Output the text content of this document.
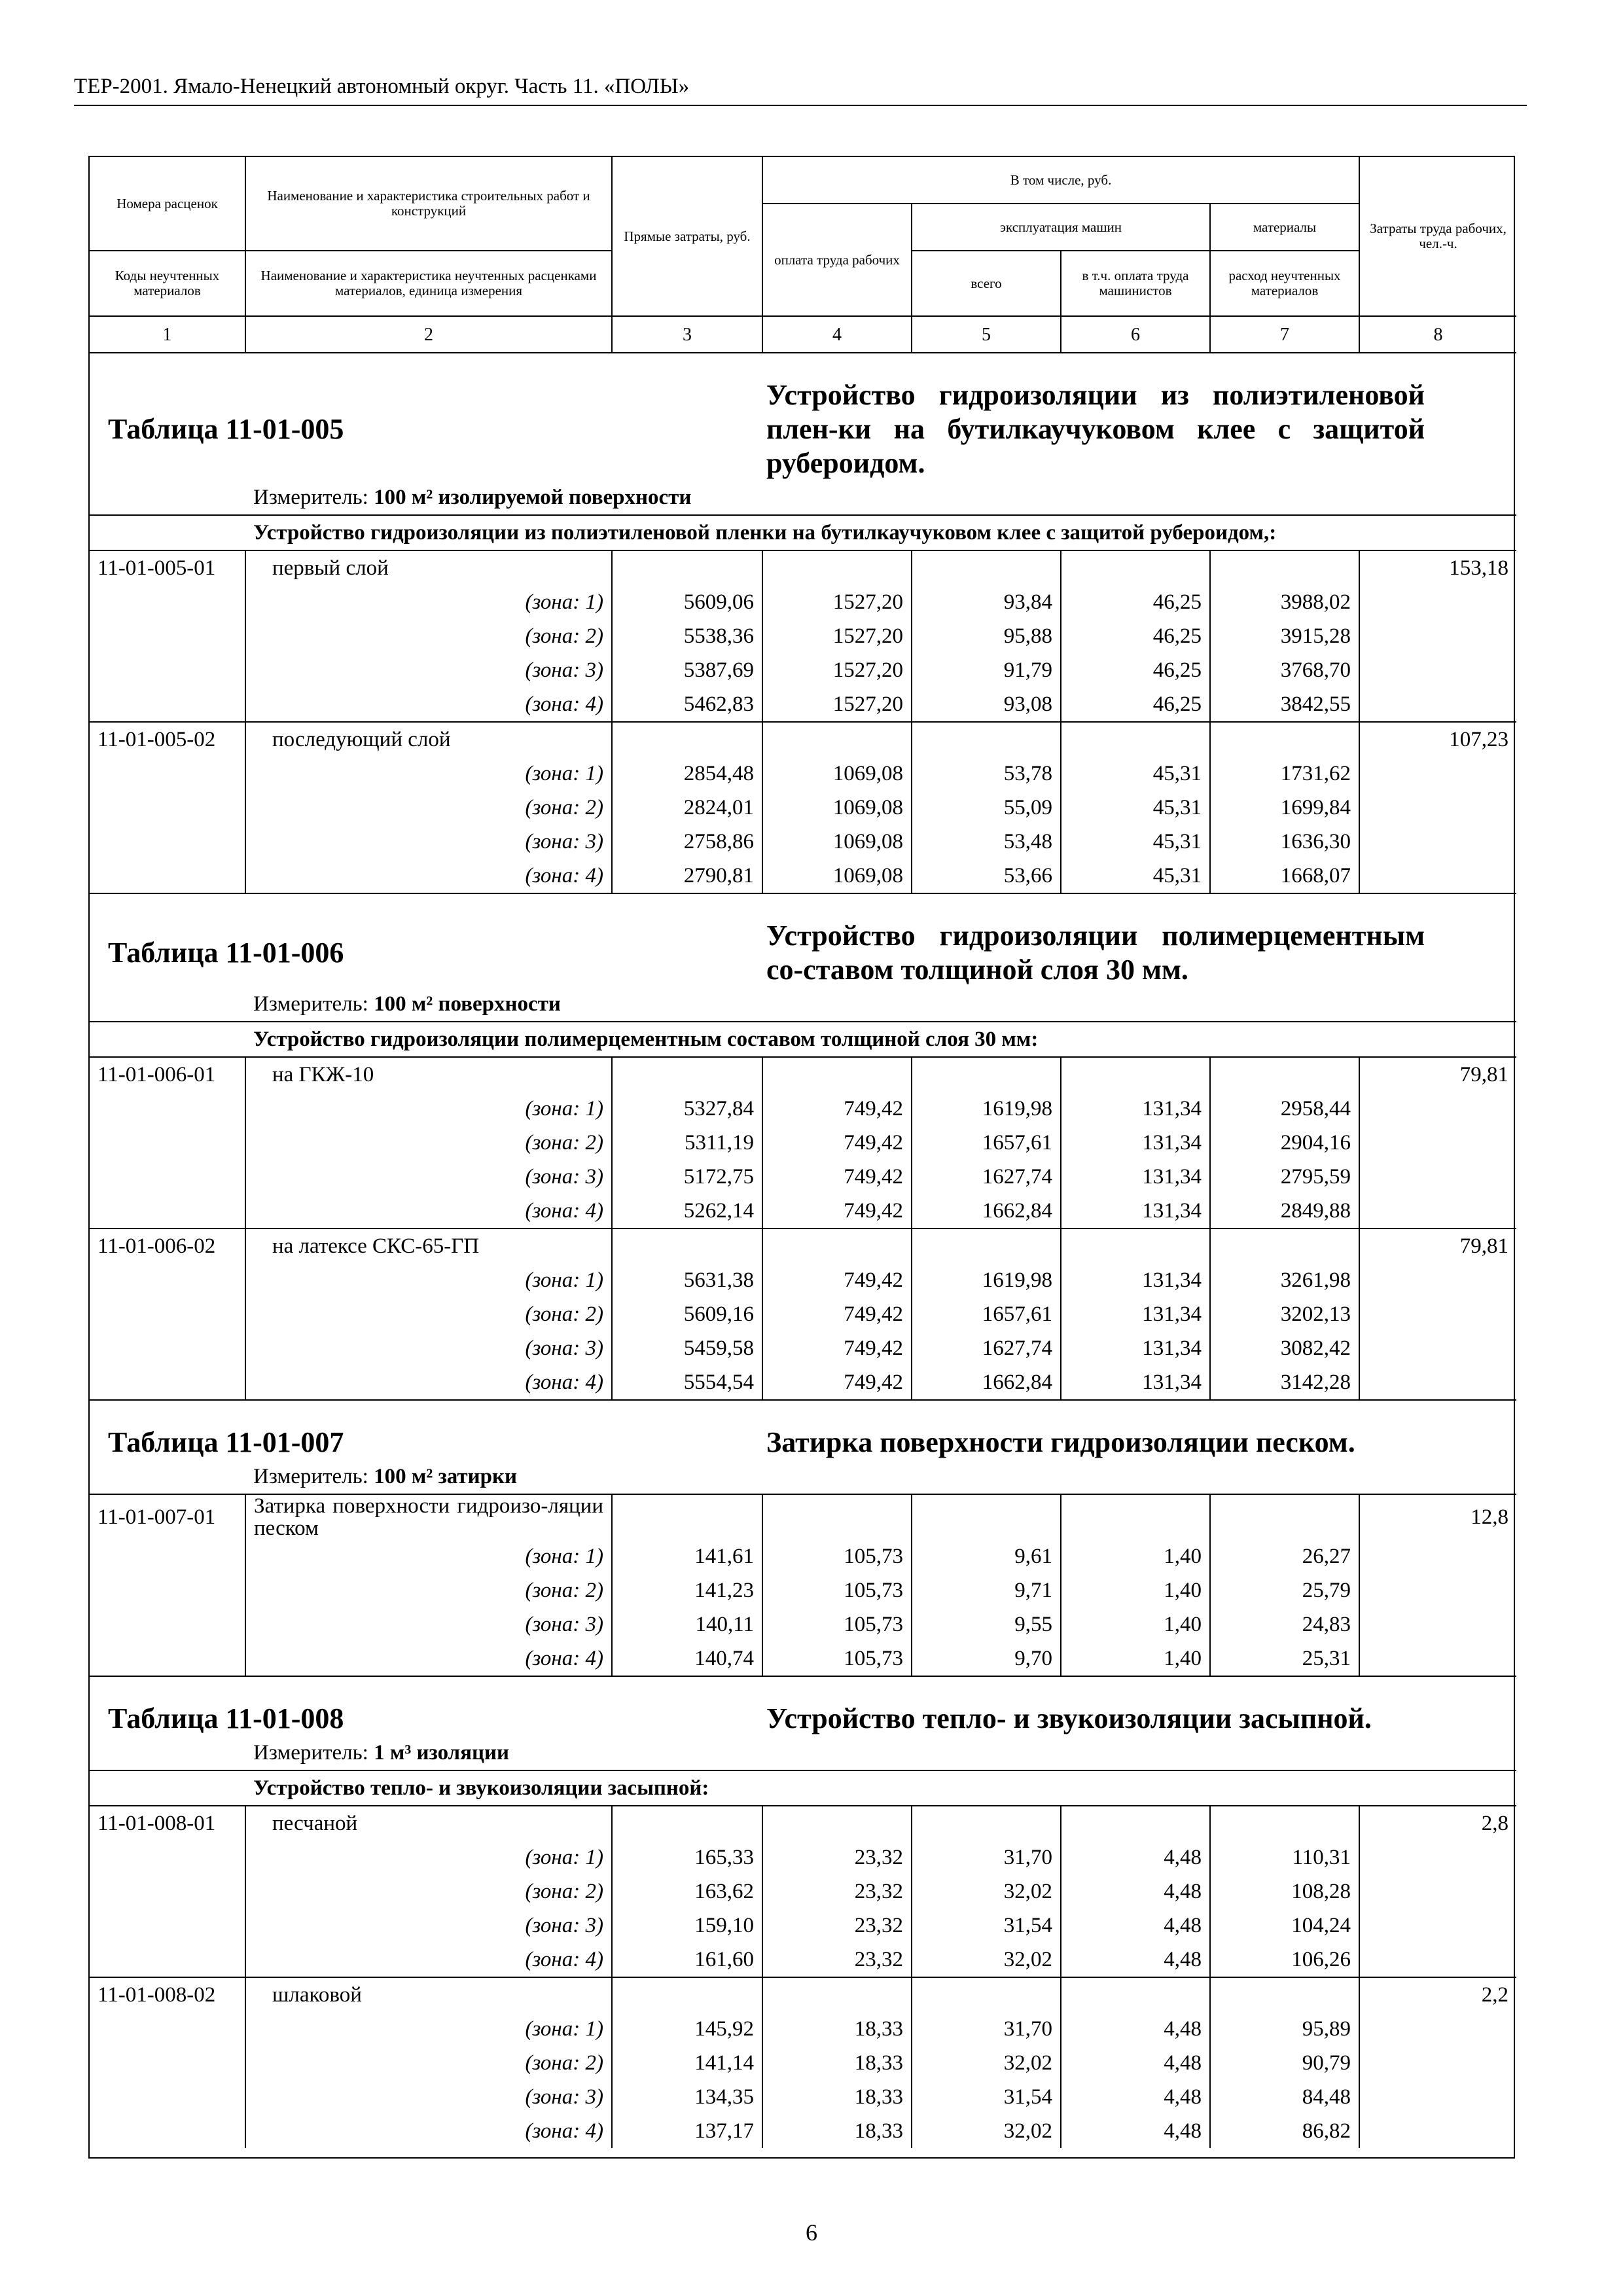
ТЕР-2001. Ямало-Ненецкий автономный округ. Часть 11. «ПОЛЫ»
Номера расценок	Наименование и характеристика строительных работ и конструкций	Прямые затраты, руб.	В том числе, руб.				Затраты труда рабочих, чел.-ч.
			оплата труда рабочих	эксплуатация машин		материалы	
Коды неучтенных материалов	Наименование и характеристика неучтенных расценками материалов, единица измерения			всего	в т.ч. оплата труда машинистов	расход неучтенных материалов	
1	2	3	4	5	6	7	8
Таблица 11-01-005			Устройство гидроизоляции из полиэтиленовой плен-ки на бутилкаучуковом клее с защитой рубероидом.				

Измеритель: 100 м² изолируемой поверхности							
Устройство гидроизоляции из полиэтиленовой пленки на бутилкаучуковом клее с защитой рубероидом,:							
11-01-005-01	первый слой						153,18
	(зона: 1)	5609,06	1527,20	93,84	46,25	3988,02	
	(зона: 2)	5538,36	1527,20	95,88	46,25	3915,28	
	(зона: 3)	5387,69	1527,20	91,79	46,25	3768,70	
	(зона: 4)	5462,83	1527,20	93,08	46,25	3842,55	
11-01-005-02	последующий слой						107,23
	(зона: 1)	2854,48	1069,08	53,78	45,31	1731,62	
	(зона: 2)	2824,01	1069,08	55,09	45,31	1699,84	
	(зона: 3)	2758,86	1069,08	53,48	45,31	1636,30	
	(зона: 4)	2790,81	1069,08	53,66	45,31	1668,07	
Таблица 11-01-006			Устройство гидроизоляции полимерцементным со-ставом толщиной слоя 30 мм.				

Измеритель: 100 м² поверхности							
Устройство гидроизоляции полимерцементным составом толщиной слоя 30 мм:							
11-01-006-01	на ГКЖ-10						79,81
	(зона: 1)	5327,84	749,42	1619,98	131,34	2958,44	
	(зона: 2)	5311,19	749,42	1657,61	131,34	2904,16	
	(зона: 3)	5172,75	749,42	1627,74	131,34	2795,59	
	(зона: 4)	5262,14	749,42	1662,84	131,34	2849,88	
11-01-006-02	на латексе СКС-65-ГП						79,81
	(зона: 1)	5631,38	749,42	1619,98	131,34	3261,98	
	(зона: 2)	5609,16	749,42	1657,61	131,34	3202,13	
	(зона: 3)	5459,58	749,42	1627,74	131,34	3082,42	
	(зона: 4)	5554,54	749,42	1662,84	131,34	3142,28	
Таблица 11-01-007			Затирка поверхности гидроизоляции песком.				

Измеритель: 100 м² затирки							
11-01-007-01	Затирка поверхности гидроизо-ляции песком						12,8
	(зона: 1)	141,61	105,73	9,61	1,40	26,27	
	(зона: 2)	141,23	105,73	9,71	1,40	25,79	
	(зона: 3)	140,11	105,73	9,55	1,40	24,83	
	(зона: 4)	140,74	105,73	9,70	1,40	25,31	
Таблица 11-01-008			Устройство тепло- и звукоизоляции засыпной.				

Измеритель: 1 м³ изоляции							
Устройство тепло- и звукоизоляции засыпной:							
11-01-008-01	песчаной						2,8
	(зона: 1)	165,33	23,32	31,70	4,48	110,31	
	(зона: 2)	163,62	23,32	32,02	4,48	108,28	
	(зона: 3)	159,10	23,32	31,54	4,48	104,24	
	(зона: 4)	161,60	23,32	32,02	4,48	106,26	
11-01-008-02	шлаковой						2,2
	(зона: 1)	145,92	18,33	31,70	4,48	95,89	
	(зона: 2)	141,14	18,33	32,02	4,48	90,79	
	(зона: 3)	134,35	18,33	31,54	4,48	84,48	
	(зона: 4)	137,17	18,33	32,02	4,48	86,82	
6
